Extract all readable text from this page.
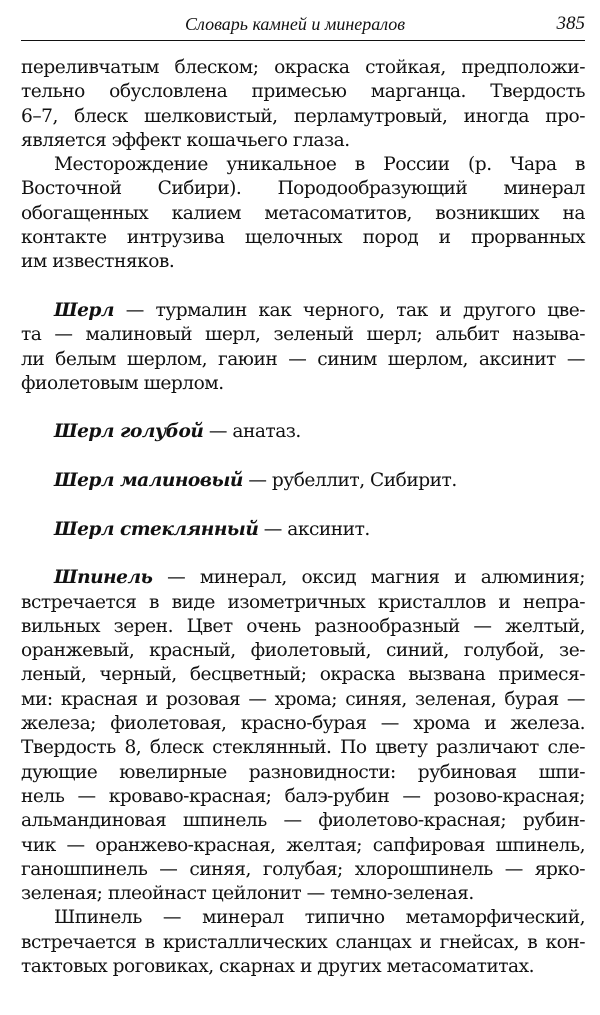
Словарь камней и минералов	385
переливчатым блеском; окраска стойкая, предположи-
тельно обусловлена примесью марганца. Твердость
6–7, блеск шелковистый, перламутровый, иногда про-
является эффект кошачьего глаза.
Месторождение уникальное в России (р. Чара в
Восточной Сибири). Породообразующий минерал
обогащенных калием метасоматитов, возникших на
контакте интрузива щелочных пород и прорванных
им известняков.
Шерл — турмалин как черного, так и другого цве-
та — малиновый шерл, зеленый шерл; альбит называ-
ли белым шерлом, гаюин — синим шерлом, аксинит —
фиолетовым шерлом.
Шерл голубой — анатаз.
Шерл малиновый — рубеллит, Сибирит.
Шерл стеклянный — аксинит.
Шпинель — минерал, оксид магния и алюминия;
встречается в виде изометричных кристаллов и непра-
вильных зерен. Цвет очень разнообразный — желтый,
оранжевый, красный, фиолетовый, синий, голубой, зе-
леный, черный, бесцветный; окраска вызвана примеся-
ми: красная и розовая — хрома; синяя, зеленая, бурая —
железа; фиолетовая, красно-бурая — хрома и железа.
Твердость 8, блеск стеклянный. По цвету различают сле-
дующие ювелирные разновидности: рубиновая шпи-
нель — кроваво-красная; балэ-рубин — розово-красная;
альмандиновая шпинель — фиолетово-красная; рубин-
чик — оранжево-красная, желтая; сапфировая шпинель,
ганошпинель — синяя, голубая; хлорошпинель — ярко-
зеленая; плеойнаст цейлонит — темно-зеленая.
Шпинель — минерал типично метаморфический,
встречается в кристаллических сланцах и гнейсах, в кон-
тактовых роговиках, скарнах и других метасоматитах.
